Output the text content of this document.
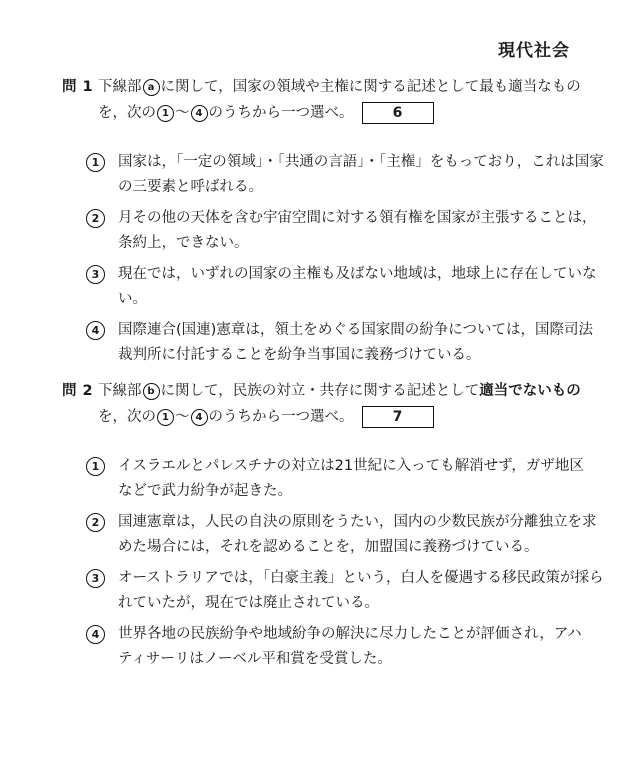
現代社会
問 1 下線部 a に関して，国家の領域や主権に関する記述として最も適当なもの
を，次の 1 〜 4 のうちから一つ選べ。	6
1	国家は，「一定の領域」・「共通の言語」・「主権」をもっており，これは国家
の三要素と呼ばれる。
2	月その他の天体を含む宇宙空間に対する領有権を国家が主張することは，
条約上，できない。
3	現在では，いずれの国家の主権も及ばない地域は，地球上に存在していな
い。
4	国際連合(国連)憲章は，領土をめぐる国家間の紛争については，国際司法
裁判所に付託することを紛争当事国に義務づけている。
問 2 下線部 b に関して，民族の対立・共存に関する記述として適当でないもの
を，次の 1 〜 4 のうちから一つ選べ。	7
1	イスラエルとパレスチナの対立は21世紀に入っても解消せず，ガザ地区
などで武力紛争が起きた。
2	国連憲章は，人民の自決の原則をうたい，国内の少数民族が分離独立を求
めた場合には，それを認めることを，加盟国に義務づけている。
3	オーストラリアでは，「白豪主義」という，白人を優遇する移民政策が採ら
れていたが，現在では廃止されている。
4	世界各地の民族紛争や地域紛争の解決に尽力したことが評価され，アハ
ティサーリはノーベル平和賞を受賞した。
